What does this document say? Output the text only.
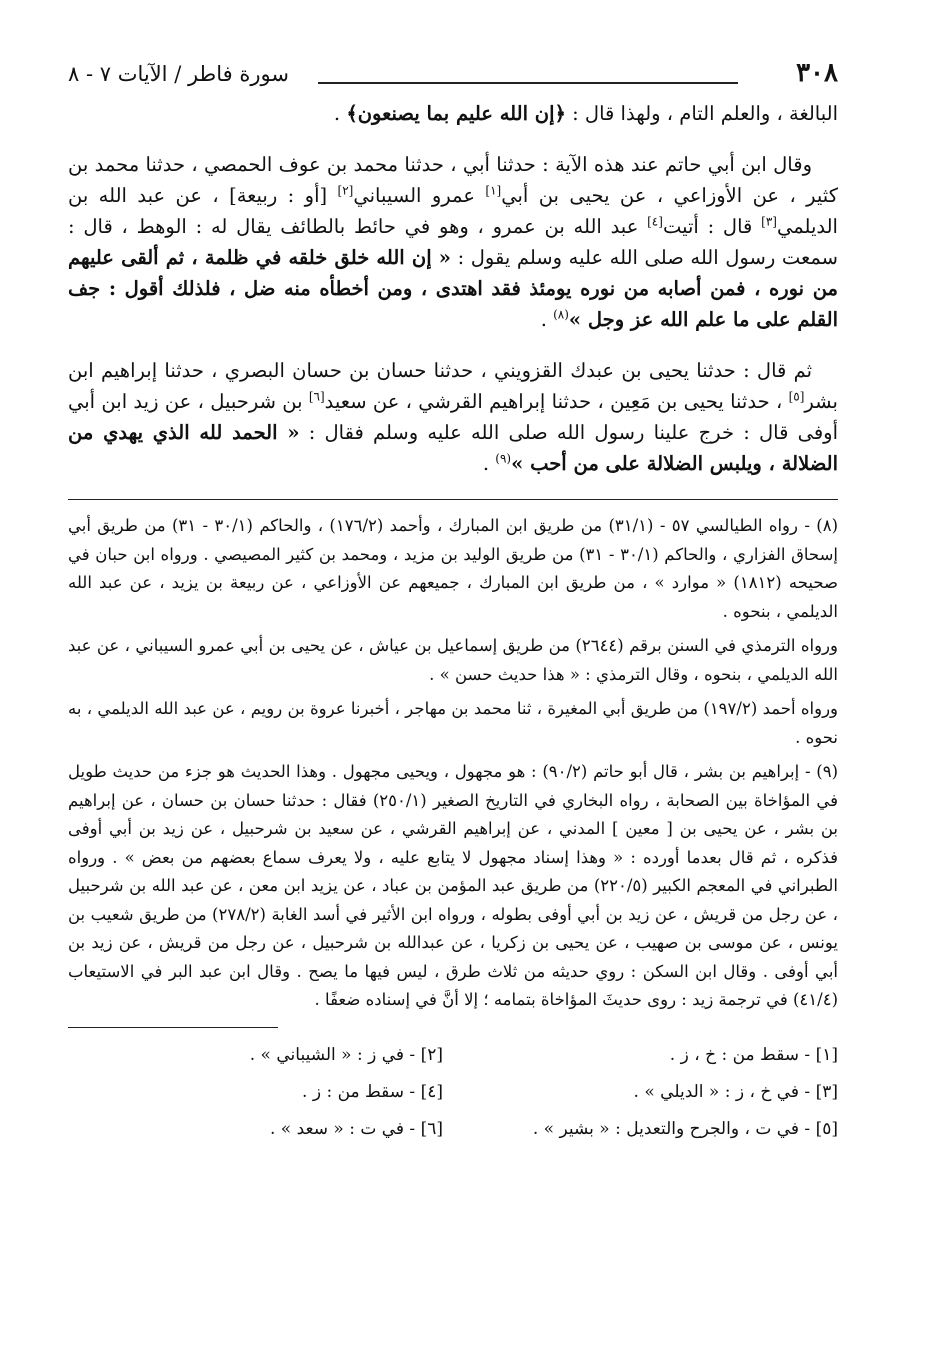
٣٠٨
سورة فاطر / الآيات ٧ - ٨

البالغة ، والعلم التام ، ولهذا قال : ﴿إن الله عليم بما يصنعون﴾ .

وقال ابن أبي حاتم عند هذه الآية : حدثنا أبي ، حدثنا محمد بن عوف الحمصي ، حدثنا محمد بن كثير ، عن الأوزاعي ، عن يحيى بن أبي[١] عمرو السيباني[٢] [أو : ربيعة] ، عن عبد الله بن الديلمي[٣] قال : أتيت[٤] عبد الله بن عمرو ، وهو في حائط بالطائف يقال له : الوهط ، قال : سمعت رسول الله صلى الله عليه وسلم يقول : « إن الله خلق خلقه في ظلمة ، ثم ألقى عليهم من نوره ، فمن أصابه من نوره يومئذ فقد اهتدى ، ومن أخطأه منه ضل ، فلذلك أقول : جف القلم على ما علم الله عز وجل »$^{(٨)}$ .

ثم قال : حدثنا يحيى بن عبدك القزويني ، حدثنا حسان بن حسان البصري ، حدثنا إبراهيم ابن بشر[٥] ، حدثنا يحيى بن مَعِين ، حدثنا إبراهيم القرشي ، عن سعيد[٦] بن شرحبيل ، عن زيد ابن أبي أوفى قال : خرج علينا رسول الله صلى الله عليه وسلم فقال : « الحمد لله الذي يهدي من الضلالة ، ويلبس الضلالة على من أحب »$^{(٩)}$ .

(٨) - رواه الطيالسي ٥٧ - (٣١/١) من طريق ابن المبارك ، وأحمد (١٧٦/٢) ، والحاكم (٣٠/١ - ٣١) من طريق أبي إسحاق الفزاري ، والحاكم (٣٠/١ - ٣١) من طريق الوليد بن مزيد ، ومحمد بن كثير المصيصي . ورواه ابن حبان في صحيحه (١٨١٢) « موارد » ، من طريق ابن المبارك ، جميعهم عن الأوزاعي ، عن ربيعة بن يزيد ، عن عبد الله الديلمي ، بنحوه .

ورواه الترمذي في السنن برقم (٢٦٤٤) من طريق إسماعيل بن عياش ، عن يحيى بن أبي عمرو السيباني ، عن عبد الله الديلمي ، بنحوه ، وقال الترمذي : « هذا حديث حسن » .

ورواه أحمد (١٩٧/٢) من طريق أبي المغيرة ، ثنا محمد بن مهاجر ، أخبرنا عروة بن رويم ، عن عبد الله الديلمي ، به نحوه .

(٩) - إبراهيم بن بشر ، قال أبو حاتم (٩٠/٢) : هو مجهول ، ويحيى مجهول . وهذا الحديث هو جزء من حديث طويل في المؤاخاة بين الصحابة ، رواه البخاري في التاريخ الصغير (٢٥٠/١) فقال : حدثنا حسان بن حسان ، عن إبراهيم بن بشر ، عن يحيى بن [ معين ] المدني ، عن إبراهيم القرشي ، عن سعيد بن شرحبيل ، عن زيد بن أبي أوفى فذكره ، ثم قال بعدما أورده : « وهذا إسناد مجهول لا يتابع عليه ، ولا يعرف سماع بعضهم من بعض » . ورواه الطبراني في المعجم الكبير (٢٢٠/٥) من طريق عبد المؤمن بن عباد ، عن يزيد ابن معن ، عن عبد الله بن شرحبيل ، عن رجل من قريش ، عن زيد بن أبي أوفى بطوله ، ورواه ابن الأثير في أسد الغابة (٢٧٨/٢) من طريق شعيب بن يونس ، عن موسى بن صهيب ، عن يحيى بن زكريا ، عن عبدالله بن شرحبيل ، عن رجل من قريش ، عن زيد بن أبي أوفى . وقال ابن السكن : روي حديثه من ثلاث طرق ، ليس فيها ما يصح . وقال ابن عبد البر في الاستيعاب (٤١/٤) في ترجمة زيد : روى حديثَ المؤاخاة بتمامه ؛ إلا أنَّ في إسناده ضعفًا .

[١] - سقط من : خ ، ز .
[٢] - في ز : « الشيباني » .
[٣] - في خ ، ز : « الديلي » .
[٤] - سقط من : ز .
[٥] - في ت ، والجرح والتعديل : « بشير » .
[٦] - في ت : « سعد » .
